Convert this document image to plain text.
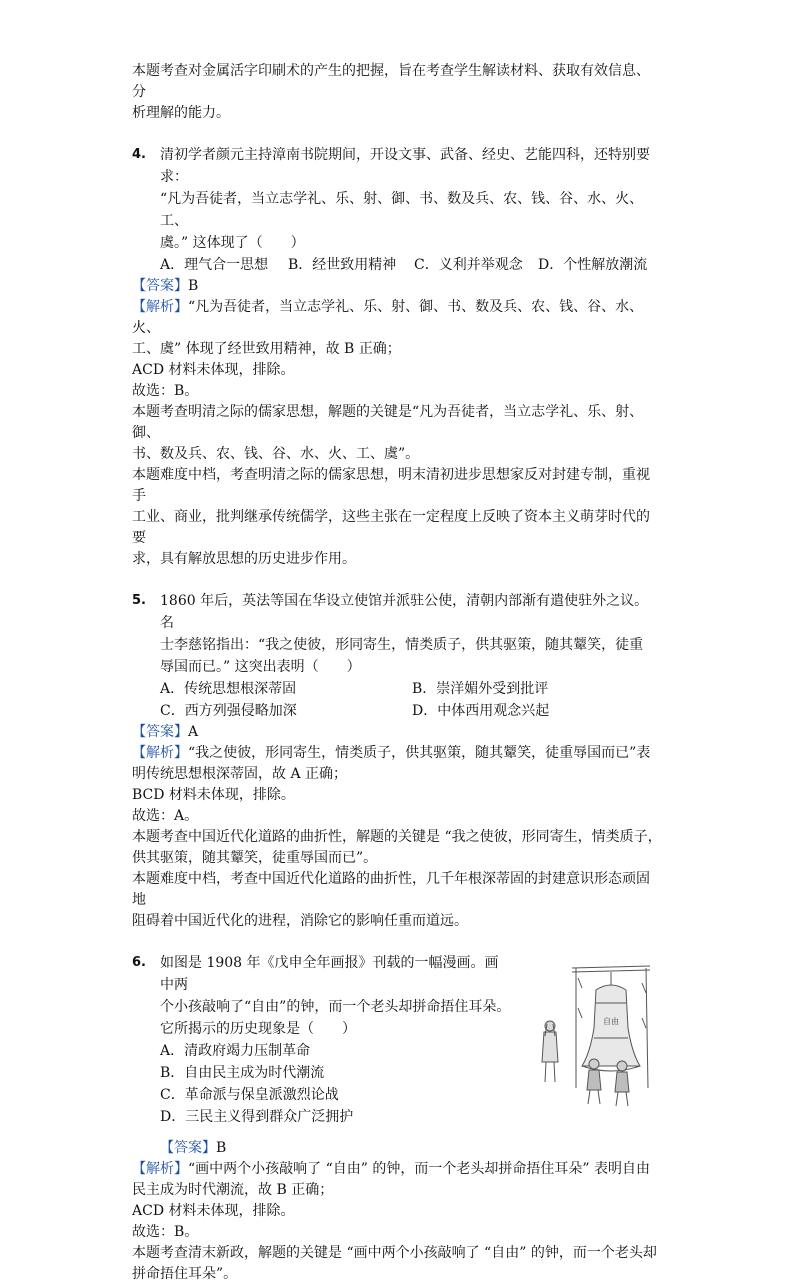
本题考查对金属活字印刷术的产生的把握，旨在考查学生解读材料、获取有效信息、分

析理解的能力。

4.	清初学者颜元主持漳南书院期间，开设文事、武备、经史、艺能四科，还特别要求：

“凡为吾徒者，当立志学礼、乐、射、御、书、数及兵、农、钱、谷、水、火、工、

虞。” 这体现了（　　）

A．理气合一思想	B．经世致用精神	C．义利并举观念	D．个性解放潮流

【答案】B

【解析】“凡为吾徒者，当立志学礼、乐、射、御、书、数及兵、农、钱、谷、水、火、

工、虞” 体现了经世致用精神，故 B 正确；

ACD 材料未体现，排除。

故选：B。

本题考查明清之际的儒家思想，解题的关键是“凡为吾徒者，当立志学礼、乐、射、御、

书、数及兵、农、钱、谷、水、火、工、虞”。

本题难度中档，考查明清之际的儒家思想，明末清初进步思想家反对封建专制，重视手

工业、商业，批判继承传统儒学，这些主张在一定程度上反映了资本主义萌芽时代的要

求，具有解放思想的历史进步作用。

5.	1860 年后，英法等国在华设立使馆并派驻公使，清朝内部渐有遣使驻外之议。名

士李慈铭指出：“我之使彼，形同寄生，情类质子，供其驱策，随其颦笑，徒重

辱国而已。” 这突出表明（　　）

A．传统思想根深蒂固	B．崇洋媚外受到批评
C．西方列强侵略加深	D．中体西用观念兴起

【答案】A

【解析】“我之使彼，形同寄生，情类质子，供其驱策，随其颦笑，徒重辱国而已”表

明传统思想根深蒂固，故 A 正确；

BCD 材料未体现，排除。

故选：A。

本题考查中国近代化道路的曲折性，解题的关键是 “我之使彼，形同寄生，情类质子，

供其驱策，随其颦笑，徒重辱国而已”。

本题难度中档，考查中国近代化道路的曲折性，几千年根深蒂固的封建意识形态顽固地

阻碍着中国近代化的进程，消除它的影响任重而道远。

6.	如图是 1908 年《戊申全年画报》刊载的一幅漫画。画中两

个小孩敲响了“自由”的钟，而一个老头却拼命捂住耳朵。

它所揭示的历史现象是（　　）

A．清政府竭力压制革命

B．自由民主成为时代潮流

C．革命派与保皇派激烈论战

D．三民主义得到群众广泛拥护

自由

【答案】B

【解析】“画中两个小孩敲响了 “自由” 的钟，而一个老头却拼命捂住耳朵” 表明自由

民主成为时代潮流，故 B 正确；

ACD 材料未体现，排除。

故选：B。

本题考查清末新政，解题的关键是 “画中两个小孩敲响了 “自由” 的钟，而一个老头却

拼命捂住耳朵”。
